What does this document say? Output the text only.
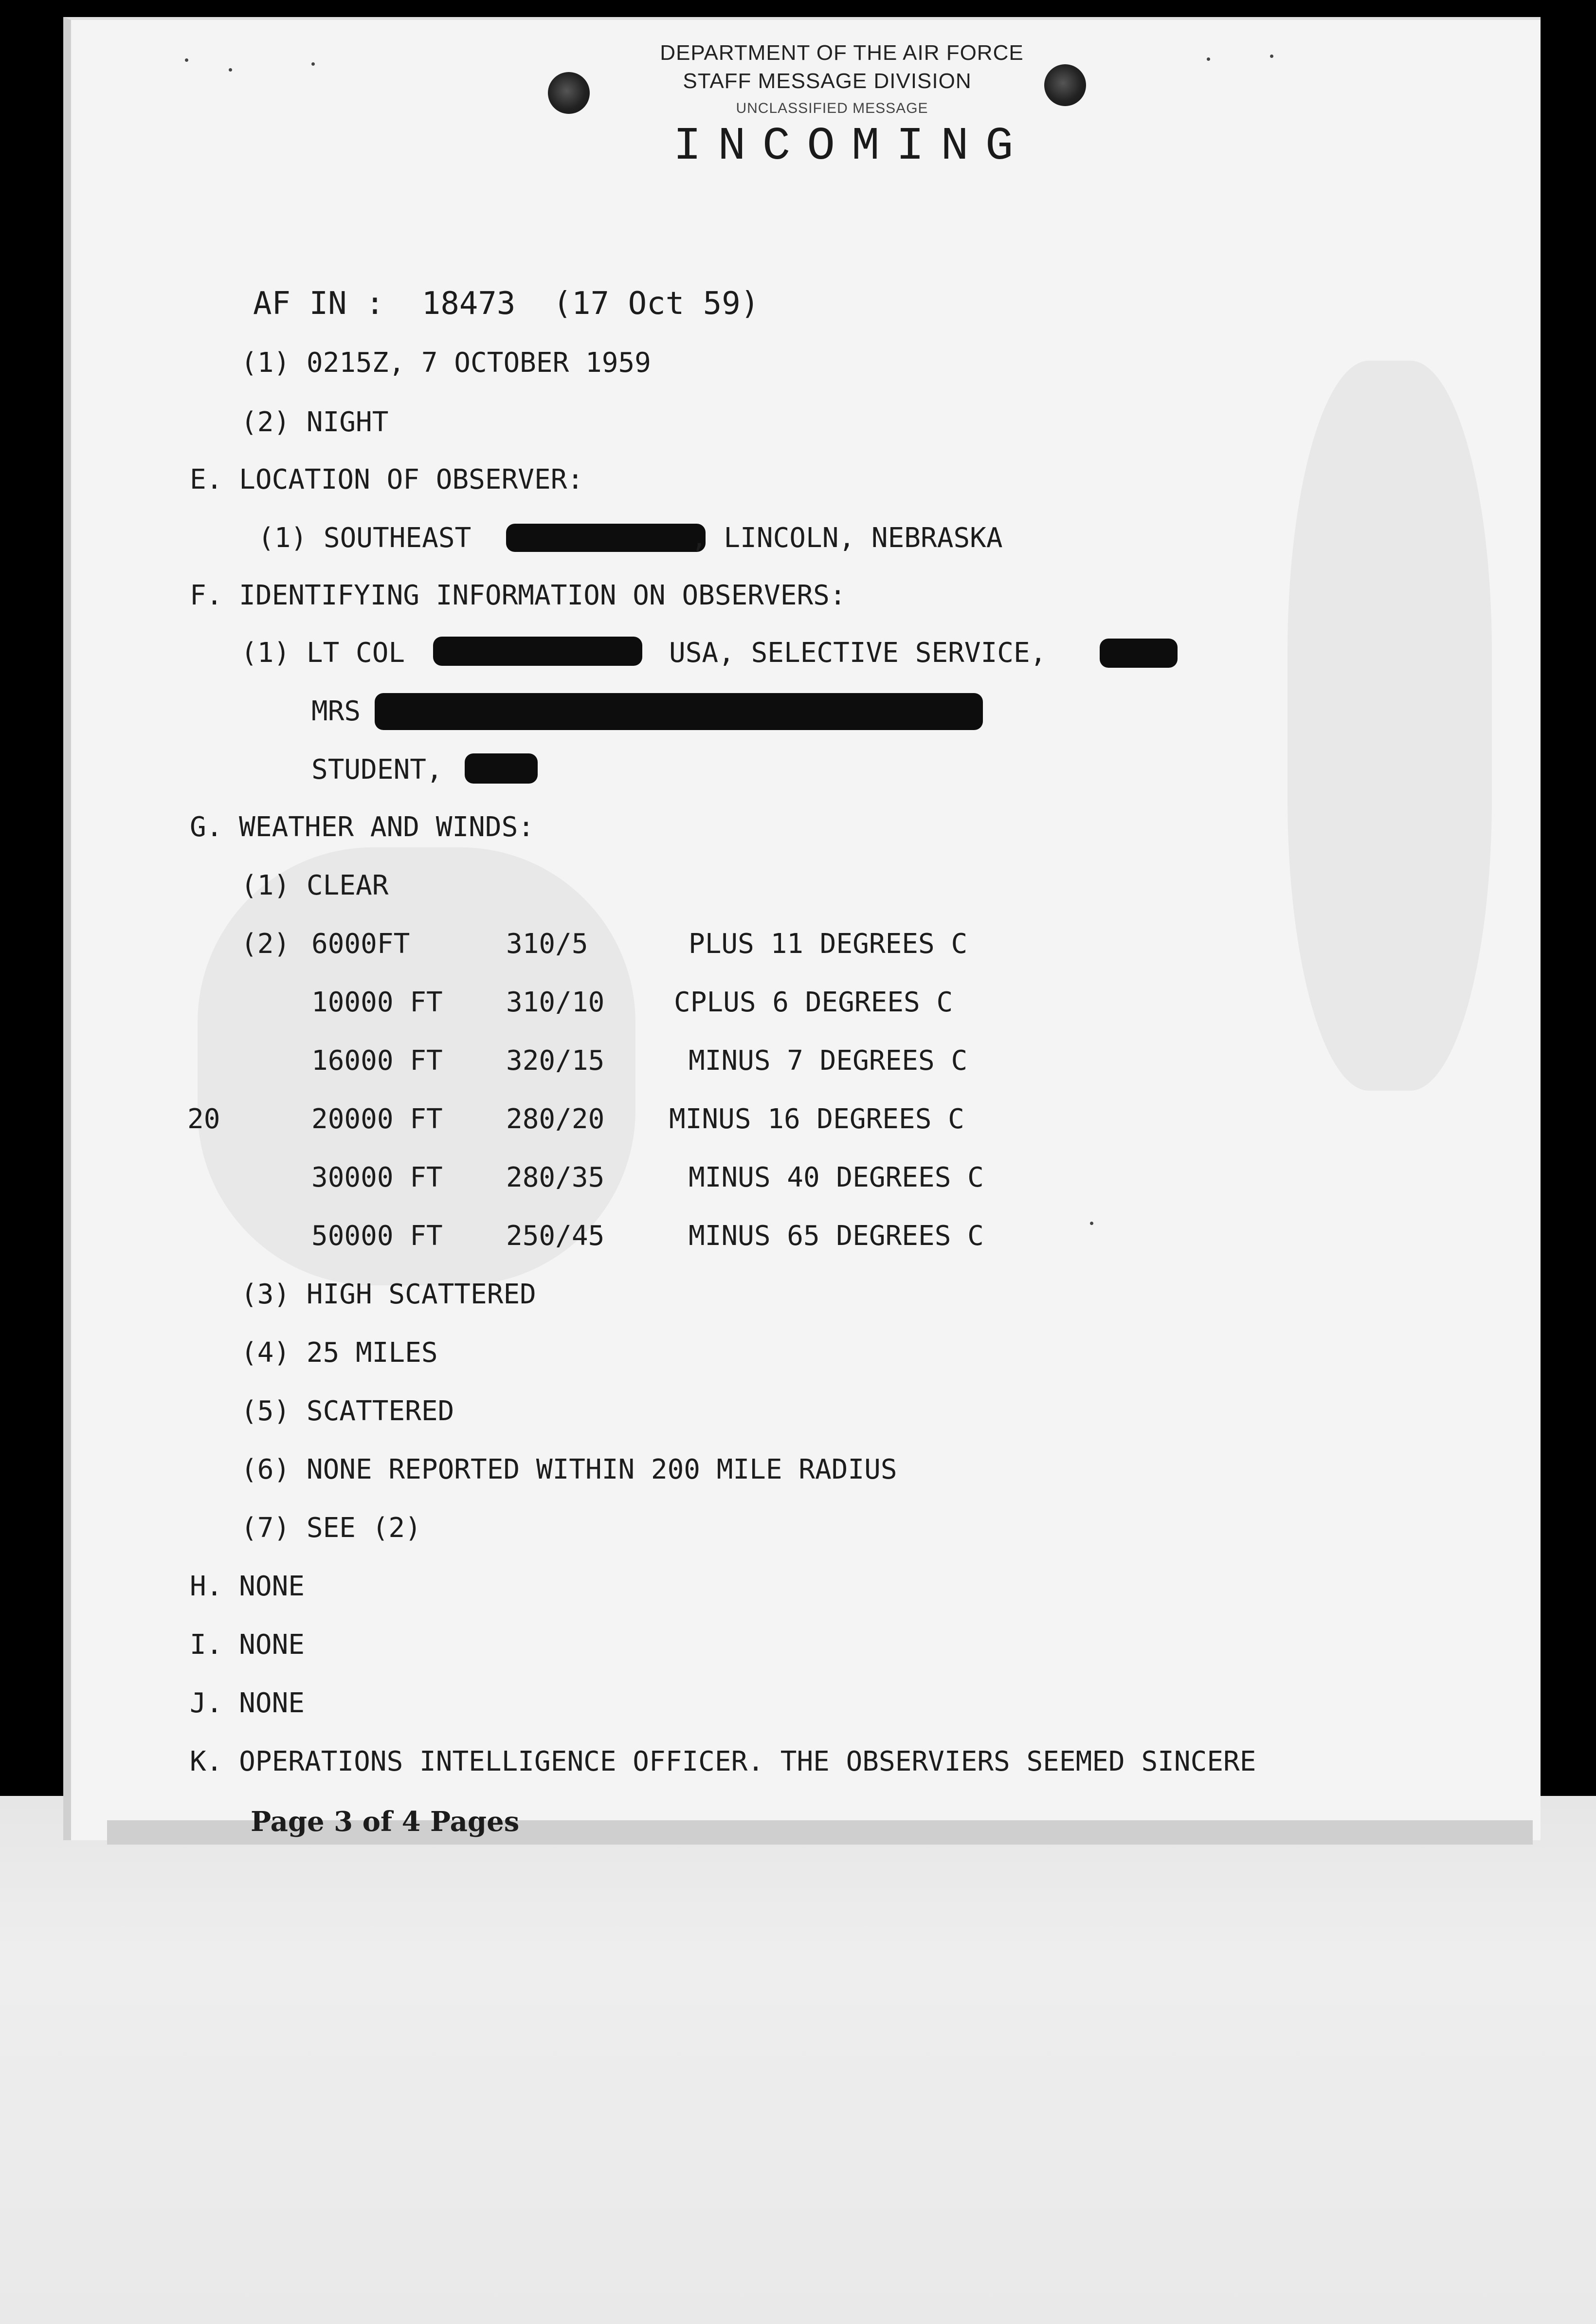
DEPARTMENT OF THE AIR FORCE
STAFF MESSAGE DIVISION
UNCLASSIFIED MESSAGE
INCOMING
AF IN :  18473  (17 Oct 59)
(1) 0215Z, 7 OCTOBER 1959
(2) NIGHT
E. LOCATION OF OBSERVER:
(1) SOUTHEAST	, LINCOLN, NEBRASKA
F. IDENTIFYING INFORMATION ON OBSERVERS:
(1) LT COL	USA, SELECTIVE SERVICE,
MRS
STUDENT,
G. WEATHER AND WINDS:
(1) CLEAR
(2)
20
6000FT	310/5	PLUS 11 DEGREES C
10000 FT 310/10	CPLUS 6 DEGREES C
16000 FT 320/15	MINUS 7 DEGREES C
20000 FT 280/20 MINUS 16 DEGREES C
30000 FT 280/35	MINUS 40 DEGREES C
50000 FT 250/45	MINUS 65 DEGREES C
(3) HIGH SCATTERED
(4) 25 MILES
(5) SCATTERED
(6) NONE REPORTED WITHIN 200 MILE RADIUS
(7) SEE (2)
H. NONE
I. NONE
J. NONE
K. OPERATIONS INTELLIGENCE OFFICER. THE OBSERVIERS SEEMED SINCERE
Page 3 of 4 Pages
